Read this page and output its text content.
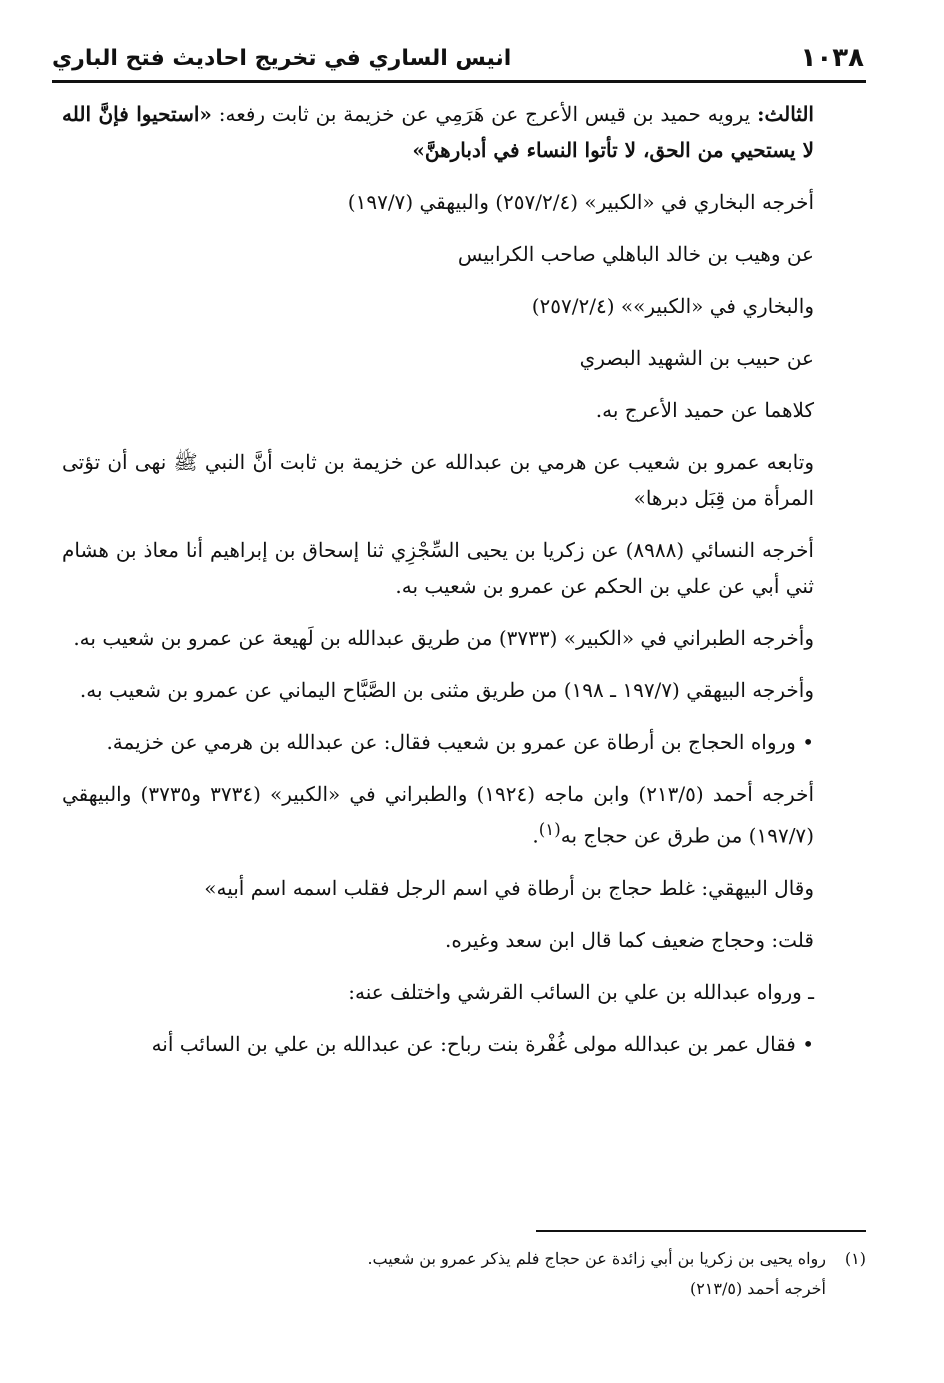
١٠٣٨
انيس الساري في تخريج احاديث فتح الباري

الثالث: يرويه حميد بن قيس الأعرج عن هَرَمِي عن خزيمة بن ثابت رفعه: «استحيوا فإنَّ الله لا يستحيي من الحق، لا تأتوا النساء في أدبارهنَّ»

أخرجه البخاري في «الكبير» (٢٥٧/٢/٤) والبيهقي (١٩٧/٧)

عن وهيب بن خالد الباهلي صاحب الكرابيس

والبخاري في «الكبير»» (٢٥٧/٢/٤)

عن حبيب بن الشهيد البصري

كلاهما عن حميد الأعرج به.

وتابعه عمرو بن شعيب عن هرمي بن عبدالله عن خزيمة بن ثابت أنَّ النبي ﷺ نهى أن تؤتى المرأة من قِبَل دبرها»

أخرجه النسائي (٨٩٨٨) عن زكريا بن يحيى السِّجْزِي ثنا إسحاق بن إبراهيم أنا معاذ بن هشام ثني أبي عن علي بن الحكم عن عمرو بن شعيب به.

وأخرجه الطبراني في «الكبير» (٣٧٣٣) من طريق عبدالله بن لَهيعة عن عمرو بن شعيب به.

وأخرجه البيهقي (١٩٧/٧ ـ ١٩٨) من طريق مثنى بن الصَّبَّاح اليماني عن عمرو بن شعيب به.

• ورواه الحجاج بن أرطاة عن عمرو بن شعيب فقال: عن عبدالله بن هرمي عن خزيمة.

أخرجه أحمد (٢١٣/٥) وابن ماجه (١٩٢٤) والطبراني في «الكبير» (٣٧٣٤ و٣٧٣٥) والبيهقي (١٩٧/٧) من طرق عن حجاج به$^{(١)}$.

وقال البيهقي: غلط حجاج بن أرطاة في اسم الرجل فقلب اسمه اسم أبيه»

قلت: وحجاج ضعيف كما قال ابن سعد وغيره.

ـ ورواه عبدالله بن علي بن السائب القرشي واختلف عنه:

• فقال عمر بن عبدالله مولى غُفْرة بنت رباح: عن عبدالله بن علي بن السائب أنه

(١)رواه يحيى بن زكريا بن أبي زائدة عن حجاج فلم يذكر عمرو بن شعيب.
أخرجه أحمد (٢١٣/٥)
